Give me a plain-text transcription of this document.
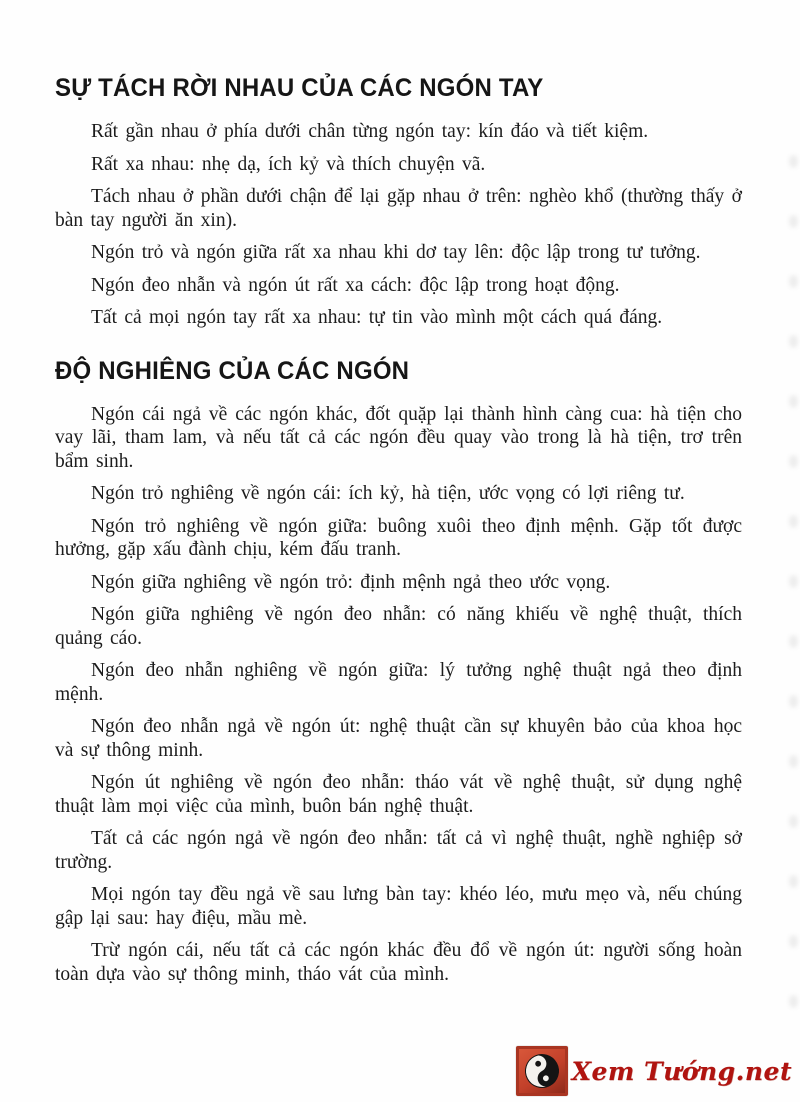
SỰ TÁCH RỜI NHAU CỦA CÁC NGÓN TAY

Rất gần nhau ở phía dưới chân từng ngón tay: kín đáo và tiết kiệm.

Rất xa nhau: nhẹ dạ, ích kỷ và thích chuyện vã.

Tách nhau ở phần dưới chận để lại gặp nhau ở trên: nghèo khổ (thường thấy ở bàn tay người ăn xin).

Ngón trỏ và ngón giữa rất xa nhau khi dơ tay lên: độc lập trong tư tưởng.

Ngón đeo nhẫn và ngón út rất xa cách: độc lập trong hoạt động.

Tất cả mọi ngón tay rất xa nhau: tự tin vào mình một cách quá đáng.

ĐỘ NGHIÊNG CỦA CÁC NGÓN

Ngón cái ngả về các ngón khác, đốt quặp lại thành hình càng cua: hà tiện cho vay lãi, tham lam, và nếu tất cả các ngón đều quay vào trong là hà tiện, trơ trên bẩm sinh.

Ngón trỏ nghiêng về ngón cái: ích kỷ, hà tiện, ước vọng có lợi riêng tư.

Ngón trỏ nghiêng về ngón giữa: buông xuôi theo định mệnh. Gặp tốt được hưởng, gặp xấu đành chịu, kém đấu tranh.

Ngón giữa nghiêng về ngón trỏ: định mệnh ngả theo ước vọng.

Ngón giữa nghiêng về ngón đeo nhẫn: có năng khiếu về nghệ thuật, thích quảng cáo.

Ngón đeo nhẫn nghiêng về ngón giữa: lý tưởng nghệ thuật ngả theo định mệnh.

Ngón đeo nhẫn ngả về ngón út: nghệ thuật cần sự khuyên bảo của khoa học và sự thông minh.

Ngón út nghiêng về ngón đeo nhẫn: tháo vát về nghệ thuật, sử dụng nghệ thuật làm mọi việc của mình, buôn bán nghệ thuật.

Tất cả các ngón ngả về ngón đeo nhẫn: tất cả vì nghệ thuật, nghề nghiệp sở trường.

Mọi ngón tay đều ngả về sau lưng bàn tay: khéo léo, mưu mẹo và, nếu chúng gập lại sau: hay điệu, mầu mè.

Trừ ngón cái, nếu tất cả các ngón khác đều đổ về ngón út: người sống hoàn toàn dựa vào sự thông minh, tháo vát của mình.

Xem Tướng.net
